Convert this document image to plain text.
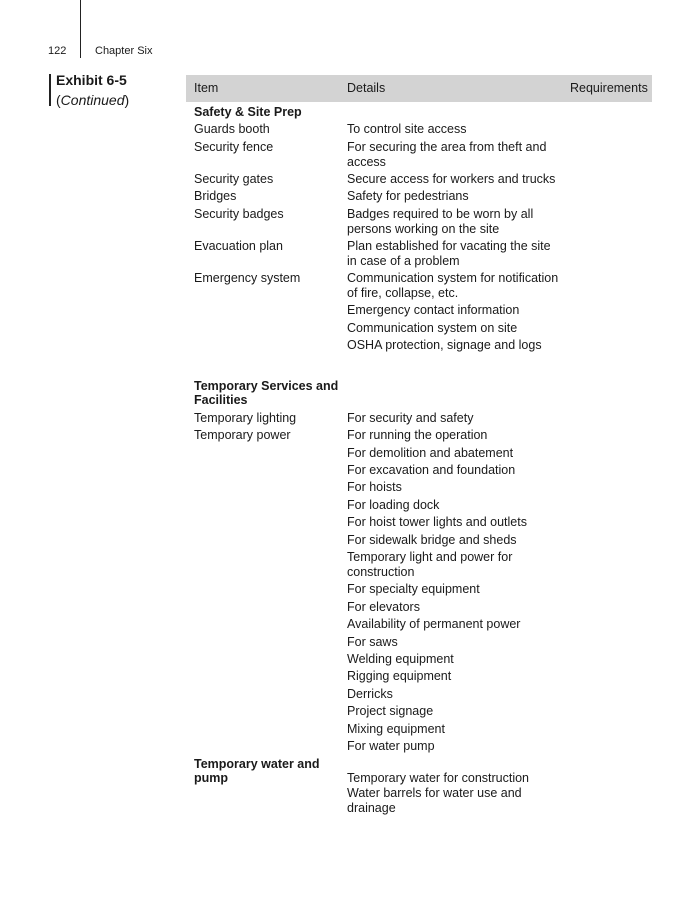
122	Chapter Six
Exhibit 6-5
(Continued)
Item	Details	Requirements
Safety & Site Prep
Guards booth	To control site access
Security fence	For securing the area from theft and access
Security gates	Secure access for workers and trucks
Bridges	Safety for pedestrians
Security badges	Badges required to be worn by all persons working on the site
Evacuation plan	Plan established for vacating the site in case of a problem
Emergency system	Communication system for notification of fire, collapse, etc.
Emergency contact information
Communication system on site
OSHA protection, signage and logs
Temporary Services and Facilities
Temporary lighting	For security and safety
Temporary power	For running the operation
For demolition and abatement
For excavation and foundation
For hoists
For loading dock
For hoist tower lights and outlets
For sidewalk bridge and sheds
Temporary light and power for construction
For specialty equipment
For elevators
Availability of permanent power
For saws
Welding equipment
Rigging equipment
Derricks
Project signage
Mixing equipment
For water pump
Temporary water and pump	Temporary water for construction
Water barrels for water use and drainage
